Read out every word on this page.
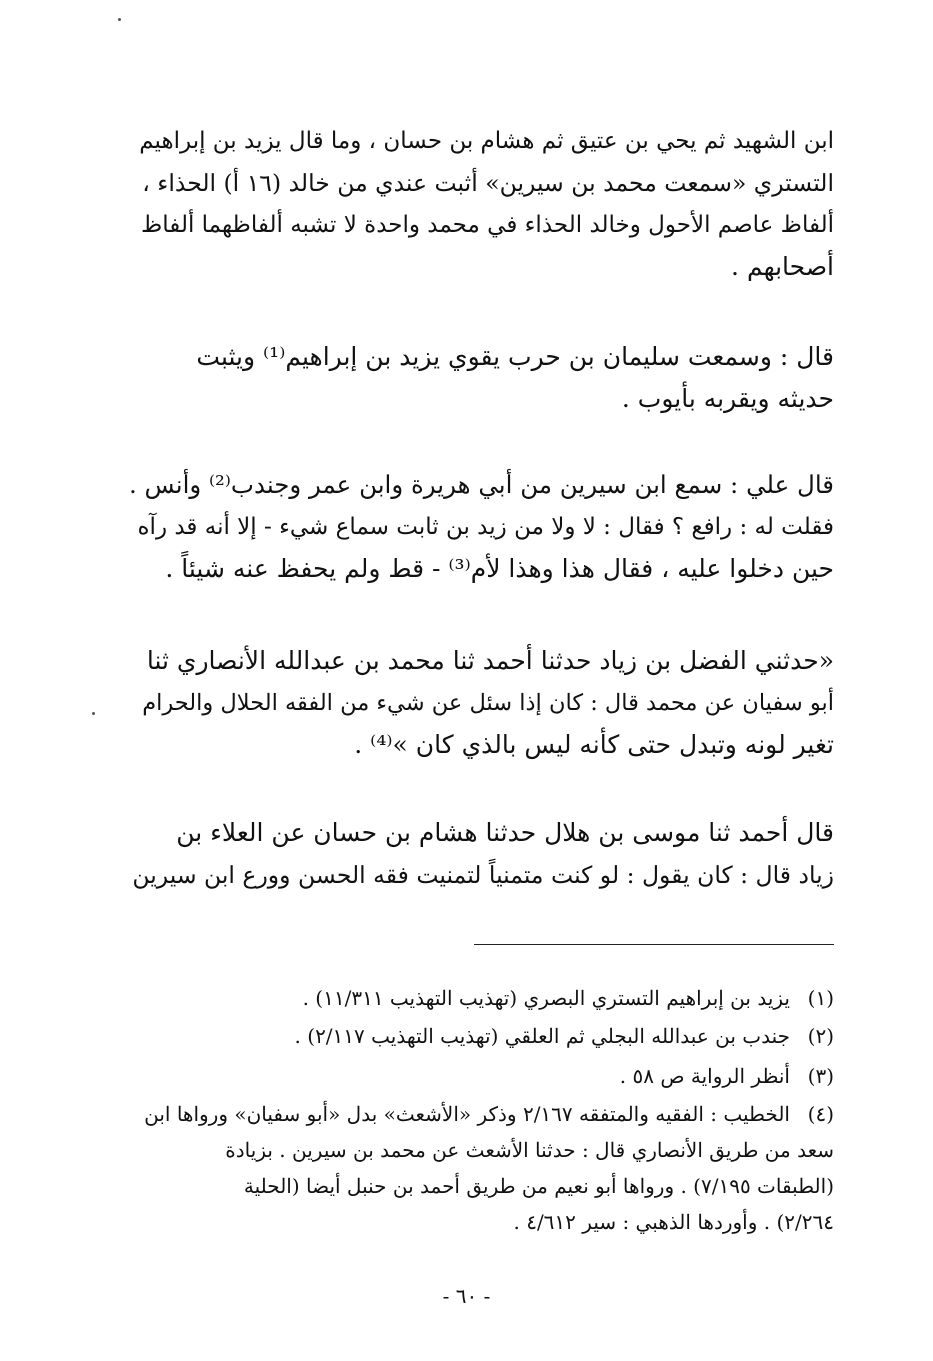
ابن الشهيد ثم يحي بن عتيق ثم هشام بن حسان ، وما قال يزيد بن إبراهيم
التستري «سمعت محمد بن سيرين» أثبت عندي من خالد (١٦ أ) الحذاء ،
ألفاظ عاصم الأحول وخالد الحذاء في محمد واحدة لا تشبه ألفاظهما ألفاظ
أصحابهم .
قال : وسمعت سليمان بن حرب يقوي يزيد بن إبراهيم⁽¹⁾ ويثبت
حديثه ويقربه بأيوب .
قال علي : سمع ابن سيرين من أبي هريرة وابن عمر وجندب⁽²⁾ وأنس .
فقلت له : رافع ؟ فقال : لا ولا من زيد بن ثابت سماع شيء - إلا أنه قد رآه
حين دخلوا عليه ، فقال هذا وهذا لأم⁽³⁾ - قط ولم يحفظ عنه شيئاً .
«حدثني الفضل بن زياد حدثنا أحمد ثنا محمد بن عبدالله الأنصاري ثنا
أبو سفيان عن محمد قال : كان إذا سئل عن شيء من الفقه الحلال والحرام
تغير لونه وتبدل حتى كأنه ليس بالذي كان »⁽⁴⁾ .
قال أحمد ثنا موسى بن هلال حدثنا هشام بن حسان عن العلاء بن
زياد قال : كان يقول : لو كنت متمنياً لتمنيت فقه الحسن وورع ابن سيرين
(١)يزيد بن إبراهيم التستري البصري (تهذيب التهذيب ١١/٣١١) .
(٢)جندب بن عبدالله البجلي ثم العلقي (تهذيب التهذيب ٢/١١٧) .
(٣)أنظر الرواية ص ٥٨ .
(٤)الخطيب : الفقيه والمتفقه ٢/١٦٧ وذكر «الأشعث» بدل «أبو سفيان» ورواها ابن
سعد من طريق الأنصاري قال : حدثنا الأشعث عن محمد بن سيرين . بزيادة
(الطبقات ٧/١٩٥) . ورواها أبو نعيم من طريق أحمد بن حنبل أيضا (الحلية
٢/٢٦٤) . وأوردها الذهبي : سير ٤/٦١٢ .
- ٦٠ -
